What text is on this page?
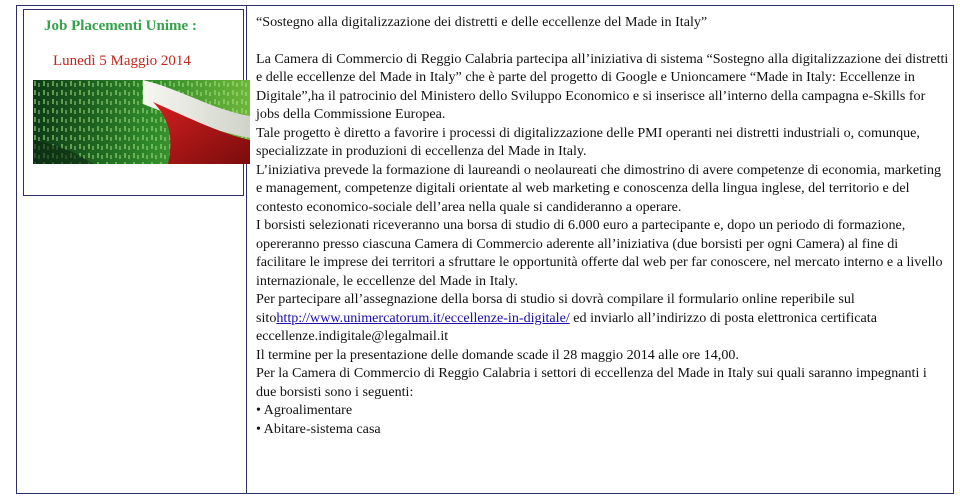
Job Placementi Unime :
Lunedì 5 Maggio 2014

“Sostegno alla digitalizzazione dei distretti e delle eccellenze del Made in Italy”

La Camera di Commercio di Reggio Calabria partecipa all’iniziativa di sistema “Sostegno alla digitalizzazione dei distretti e delle eccellenze del Made in Italy” che è parte del progetto di Google e Unioncamere “Made in Italy: Eccellenze in Digitale”,ha il patrocinio del Ministero dello Sviluppo Economico e si inserisce all’interno della campagna e-Skills for jobs della Commissione Europea.

Tale progetto è diretto a favorire i processi di digitalizzazione delle PMI operanti nei distretti industriali o, comunque, specializzate in produzioni di eccellenza del Made in Italy.

L’iniziativa prevede la formazione di laureandi o neolaureati che dimostrino di avere competenze di economia, marketing e management, competenze digitali orientate al web marketing e conoscenza della lingua inglese, del territorio e del contesto economico-sociale dell’area nella quale si candideranno a operare.

I borsisti selezionati riceveranno una borsa di studio di 6.000 euro a partecipante e, dopo un periodo di formazione, opereranno presso ciascuna Camera di Commercio aderente all’iniziativa (due borsisti per ogni Camera) al fine di facilitare le imprese dei territori a sfruttare le opportunità offerte dal web per far conoscere, nel mercato interno e a livello internazionale, le eccellenze del Made in Italy.

Per partecipare all’assegnazione della borsa di studio si dovrà compilare il formulario online reperibile sul sitohttp://www.unimercatorum.it/eccellenze-in-digitale/ ed inviarlo all’indirizzo di posta elettronica certificata eccellenze.indigitale@legalmail.it

Il termine per la presentazione delle domande scade il 28 maggio 2014 alle ore 14,00.

Per la Camera di Commercio di Reggio Calabria i settori di eccellenza del Made in Italy sui quali saranno impegnanti i due borsisti sono i seguenti:

• Agroalimentare

• Abitare-sistema casa
